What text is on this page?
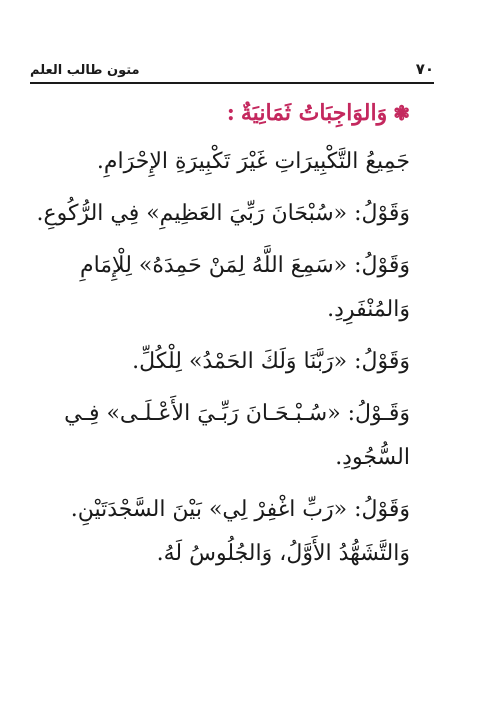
٧٠
متون طالب العلم
❃
وَالوَاجِبَاتُ ثَمَانِيَةٌ
:

جَمِيعُ التَّكْبِيرَاتِ غَيْرَ تَكْبِيرَةِ الإِحْرَامِ.

وَقَوْلُ: «سُبْحَانَ رَبِّيَ العَظِيمِ» فِي الرُّكُوعِ.

وَقَوْلُ: «سَمِعَ اللَّهُ لِمَنْ حَمِدَهُ» لِلْإِمَامِ

وَالمُنْفَرِدِ.

وَقَوْلُ: «رَبَّنَا وَلَكَ الحَمْدُ» لِلْكُلِّ.

وَقَـوْلُ: «سُـبْـحَـانَ رَبِّـيَ الأَعْـلَـى» فِـي

السُّجُودِ.

وَقَوْلُ: «رَبِّ اغْفِرْ لِي» بَيْنَ السَّجْدَتَيْنِ.

وَالتَّشَهُّدُ الأَوَّلُ، وَالجُلُوسُ لَهُ.
